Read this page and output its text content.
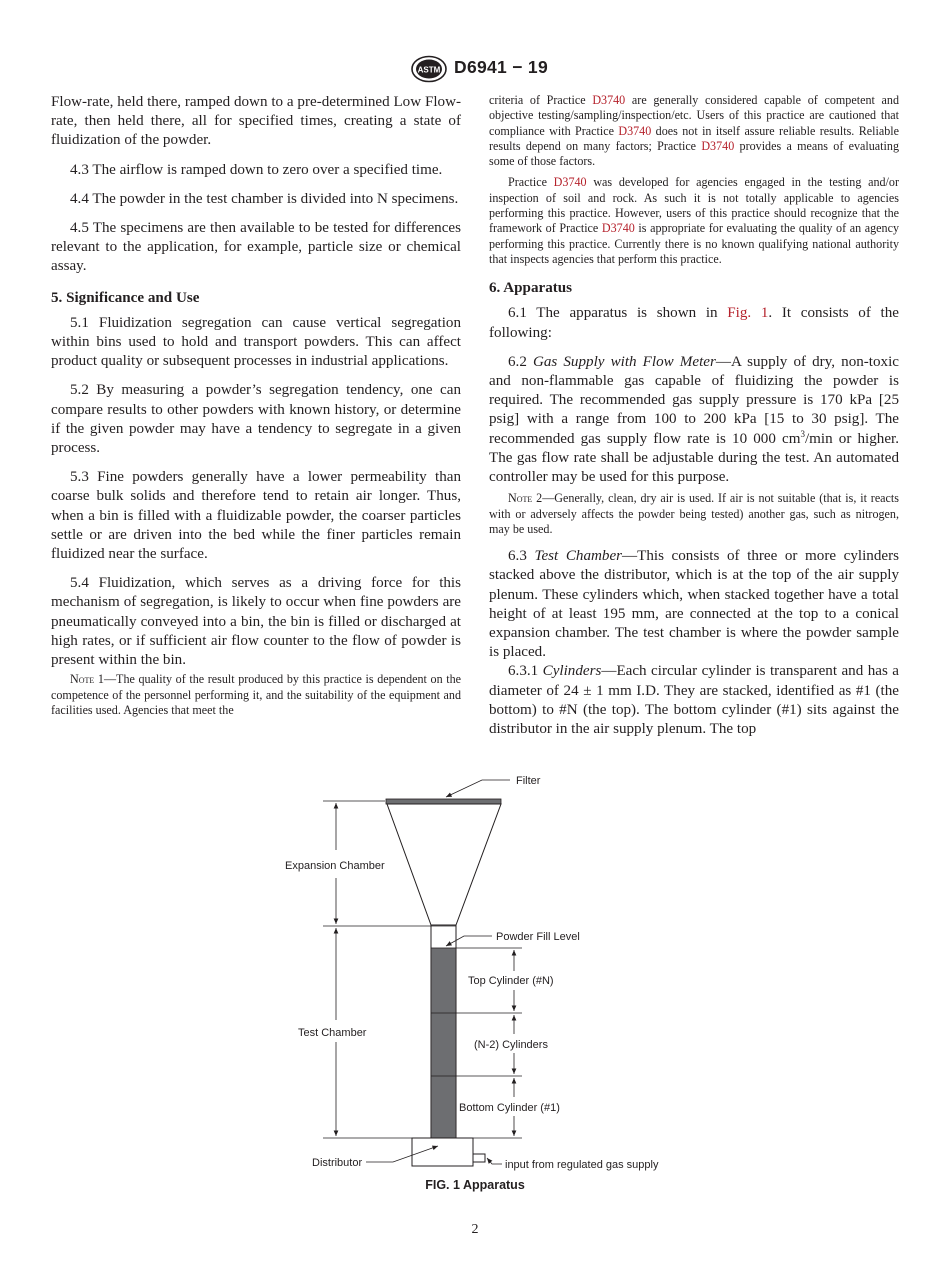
ASTM D6941 − 19

Flow-rate, held there, ramped down to a pre-determined Low Flow-rate, then held there, all for specified times, creating a state of fluidization of the powder.

4.3 The airflow is ramped down to zero over a specified time.

4.4 The powder in the test chamber is divided into N specimens.

4.5 The specimens are then available to be tested for differences relevant to the application, for example, particle size or chemical assay.

5. Significance and Use

5.1 Fluidization segregation can cause vertical segregation within bins used to hold and transport powders. This can affect product quality or subsequent processes in industrial applications.

5.2 By measuring a powder’s segregation tendency, one can compare results to other powders with known history, or determine if the given powder may have a tendency to segregate in a given process.

5.3 Fine powders generally have a lower permeability than coarse bulk solids and therefore tend to retain air longer. Thus, when a bin is filled with a fluidizable powder, the coarser particles settle or are driven into the bed while the finer particles remain fluidized near the surface.

5.4 Fluidization, which serves as a driving force for this mechanism of segregation, is likely to occur when fine powders are pneumatically conveyed into a bin, the bin is filled or discharged at high rates, or if sufficient air flow counter to the flow of powder is present within the bin.

Note 1—The quality of the result produced by this practice is dependent on the competence of the personnel performing it, and the suitability of the equipment and facilities used. Agencies that meet the

criteria of Practice D3740 are generally considered capable of competent and objective testing/sampling/inspection/etc. Users of this practice are cautioned that compliance with Practice D3740 does not in itself assure reliable results. Reliable results depend on many factors; Practice D3740 provides a means of evaluating some of those factors.

Practice D3740 was developed for agencies engaged in the testing and/or inspection of soil and rock. As such it is not totally applicable to agencies performing this practice. However, users of this practice should recognize that the framework of Practice D3740 is appropriate for evaluating the quality of an agency performing this practice. Currently there is no known qualifying national authority that inspects agencies that perform this practice.

6. Apparatus

6.1 The apparatus is shown in Fig. 1. It consists of the following:

6.2 Gas Supply with Flow Meter—A supply of dry, non-toxic and non-flammable gas capable of fluidizing the powder is required. The recommended gas supply pressure is 170 kPa [25 psig] with a range from 100 to 200 kPa [15 to 30 psig]. The recommended gas supply flow rate is 10 000 $cm^3/\min$ or higher. The gas flow rate shall be adjustable during the test. An automated controller may be used for this purpose.

Note 2—Generally, clean, dry air is used. If air is not suitable (that is, it reacts with or adversely affects the powder being tested) another gas, such as nitrogen, may be used.

6.3 Test Chamber—This consists of three or more cylinders stacked above the distributor, which is at the top of the air supply plenum. These cylinders which, when stacked together have a total height of at least 195 mm, are connected at the top to a conical expansion chamber. The test chamber is where the powder sample is placed.

6.3.1 Cylinders—Each circular cylinder is transparent and has a diameter of 24 ± 1 mm I.D. They are stacked, identified as #1 (the bottom) to #N (the top). The bottom cylinder (#1) sits against the distributor in the air supply plenum. The top

Filter
Expansion Chamber
Powder Fill Level
Top Cylinder (#N)
Test Chamber
(N-2) Cylinders
Bottom Cylinder (#1)
Distributor	input from regulated gas supply
FIG. 1 Apparatus
2
